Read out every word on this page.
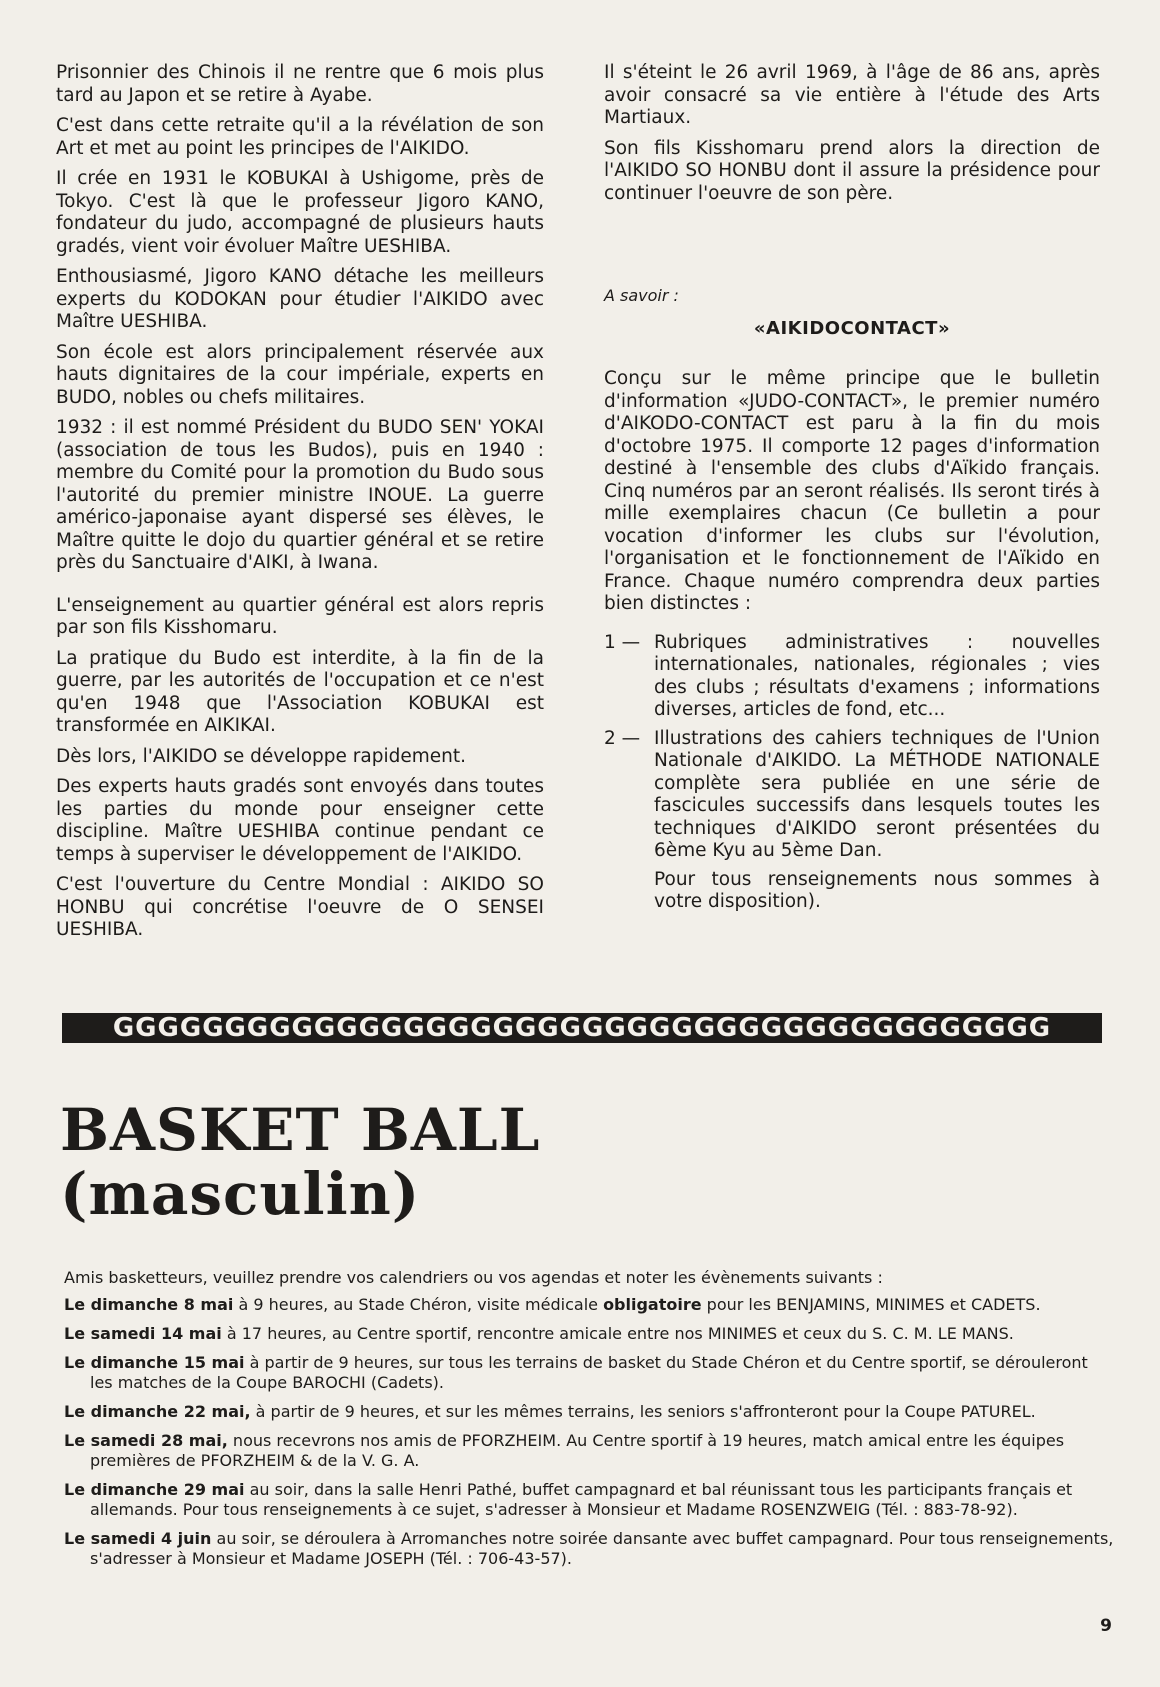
Prisonnier des Chinois il ne rentre que 6 mois plus tard au Japon et se retire à Ayabe.

C'est dans cette retraite qu'il a la révélation de son Art et met au point les principes de l'AIKIDO.

Il crée en 1931 le KOBUKAI à Ushigome, près de Tokyo. C'est là que le professeur Jigoro KANO, fondateur du judo, accompagné de plusieurs hauts gradés, vient voir évoluer Maître UESHIBA.

Enthousiasmé, Jigoro KANO détache les meilleurs experts du KODOKAN pour étudier l'AIKIDO avec Maître UESHIBA.

Son école est alors principalement réservée aux hauts dignitaires de la cour impériale, experts en BUDO, nobles ou chefs militaires.

1932 : il est nommé Président du BUDO SEN' YOKAI (association de tous les Budos), puis en 1940 : membre du Comité pour la promotion du Budo sous l'autorité du premier ministre INOUE. La guerre américo-japonaise ayant dispersé ses élèves, le Maître quitte le dojo du quartier général et se retire près du Sanctuaire d'AIKI, à Iwana.

L'enseignement au quartier général est alors repris par son fils Kisshomaru.

La pratique du Budo est interdite, à la fin de la guerre, par les autorités de l'occupation et ce n'est qu'en 1948 que l'Association KOBUKAI est transformée en AIKIKAI.

Dès lors, l'AIKIDO se développe rapidement.

Des experts hauts gradés sont envoyés dans toutes les parties du monde pour enseigner cette discipline. Maître UESHIBA continue pendant ce temps à superviser le développement de l'AIKIDO.

C'est l'ouverture du Centre Mondial : AIKIDO SO HONBU qui concrétise l'oeuvre de O SENSEI UESHIBA.

Il s'éteint le 26 avril 1969, à l'âge de 86 ans, après avoir consacré sa vie entière à l'étude des Arts Martiaux.

Son fils Kisshomaru prend alors la direction de l'AIKIDO SO HONBU dont il assure la présidence pour continuer l'oeuvre de son père.

A savoir :
«AIKIDOCONTACT»

Conçu sur le même principe que le bulletin d'information «JUDO-CONTACT», le premier numéro d'AIKODO-CONTACT est paru à la fin du mois d'octobre 1975. Il comporte 12 pages d'information destiné à l'ensemble des clubs d'Aïkido français. Cinq numéros par an seront réalisés. Ils seront tirés à mille exemplaires chacun (Ce bulletin a pour vocation d'informer les clubs sur l'évolution, l'organisation et le fonctionnement de l'Aïkido en France. Chaque numéro comprendra deux parties bien distinctes :

1 — Rubriques administratives : nouvelles internationales, nationales, régionales ; vies des clubs ; résultats d'examens ; informations diverses, articles de fond, etc...
2 — Illustrations des cahiers techniques de l'Union Nationale d'AIKIDO. La MÉTHODE NATIONALE complète sera publiée en une série de fascicules successifs dans lesquels toutes les techniques d'AIKIDO seront présentées du 6ème Kyu au 5ème Dan.
Pour tous renseignements nous sommes à votre disposition).
GGGGGGGGGGGGGGGGGGGGGGGGGGGGGGGGGGGGGGGGGG
BASKET BALL
(masculin)
Amis basketteurs, veuillez prendre vos calendriers ou vos agendas et noter les évènements suivants :
Le dimanche 8 mai à 9 heures, au Stade Chéron, visite médicale obligatoire pour les BENJAMINS, MINIMES et CADETS.
Le samedi 14 mai à 17 heures, au Centre sportif, rencontre amicale entre nos MINIMES et ceux du S. C. M. LE MANS.
Le dimanche 15 mai à partir de 9 heures, sur tous les terrains de basket du Stade Chéron et du Centre sportif, se dérouleront
les matches de la Coupe BAROCHI (Cadets).
Le dimanche 22 mai, à partir de 9 heures, et sur les mêmes terrains, les seniors s'affronteront pour la Coupe PATUREL.
Le samedi 28 mai, nous recevrons nos amis de PFORZHEIM. Au Centre sportif à 19 heures, match amical entre les équipes
premières de PFORZHEIM & de la V. G. A.
Le dimanche 29 mai au soir, dans la salle Henri Pathé, buffet campagnard et bal réunissant tous les participants français et
allemands. Pour tous renseignements à ce sujet, s'adresser à Monsieur et Madame ROSENZWEIG (Tél. : 883-78-92).
Le samedi 4 juin au soir, se déroulera à Arromanches notre soirée dansante avec buffet campagnard. Pour tous renseignements,
s'adresser à Monsieur et Madame JOSEPH (Tél. : 706-43-57).
9
